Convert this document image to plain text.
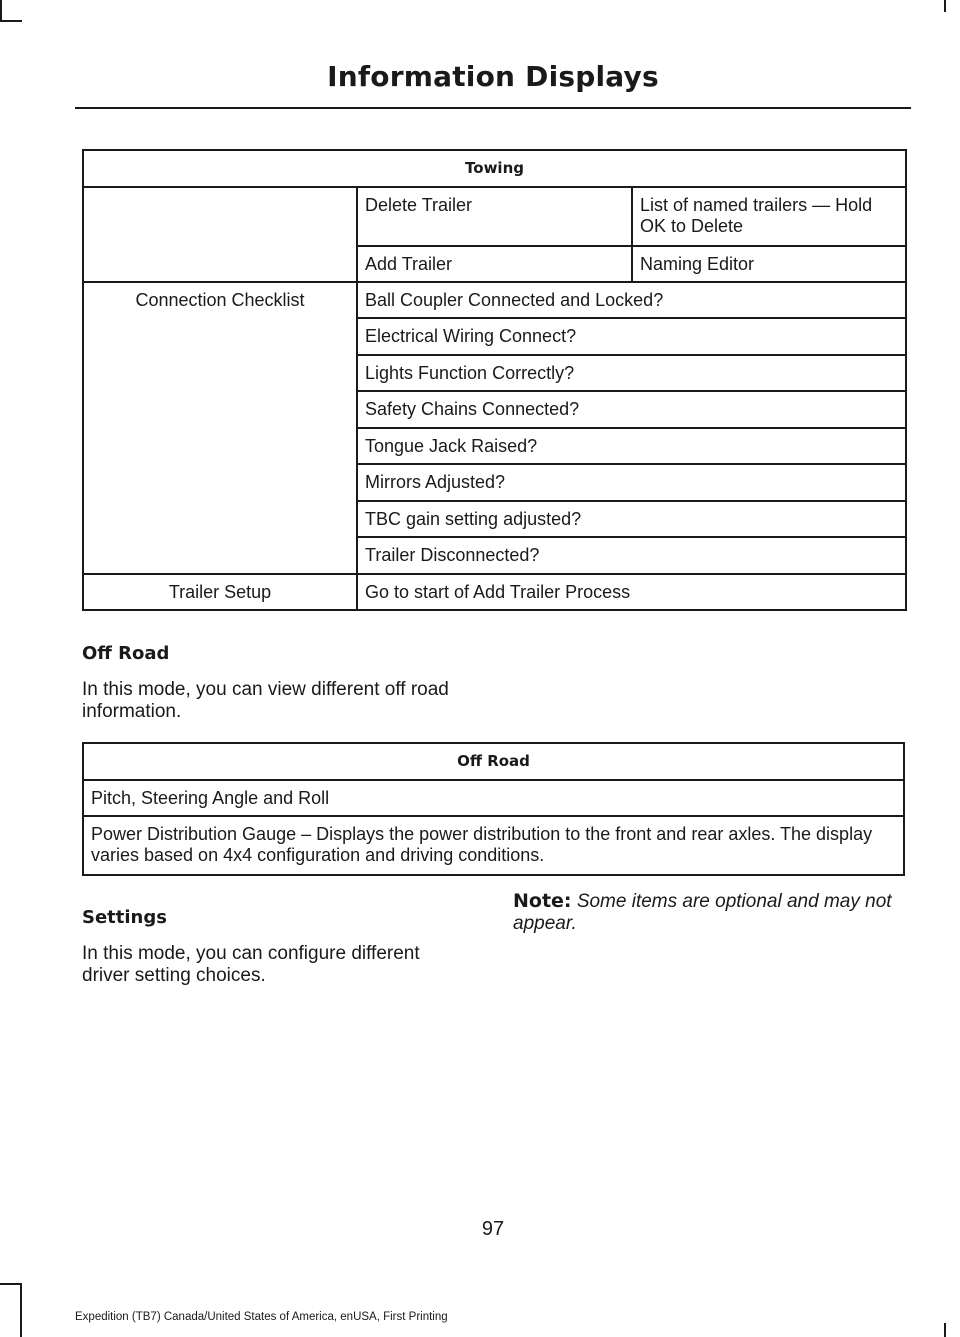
Information Displays
Towing		
	Delete Trailer	List of named trailers — Hold OK to Delete
	Add Trailer	Naming Editor
Connection Checklist	Ball Coupler Connected and Locked?	
	Electrical Wiring Connect?	
	Lights Function Correctly?	
	Safety Chains Connected?	
	Tongue Jack Raised?	
	Mirrors Adjusted?	
	TBC gain setting adjusted?	
	Trailer Disconnected?	
Trailer Setup	Go to start of Add Trailer Process	
Off Road
In this mode, you can view different off road information.
Off Road
Pitch, Steering Angle and Roll
Power Distribution Gauge – Displays the power distribution to the front and rear axles. The display varies based on 4x4 configuration and driving conditions.
Settings
In this mode, you can configure different driver setting choices.
Note: Some items are optional and may not appear.
97
Expedition (TB7) Canada/United States of America, enUSA, First Printing
